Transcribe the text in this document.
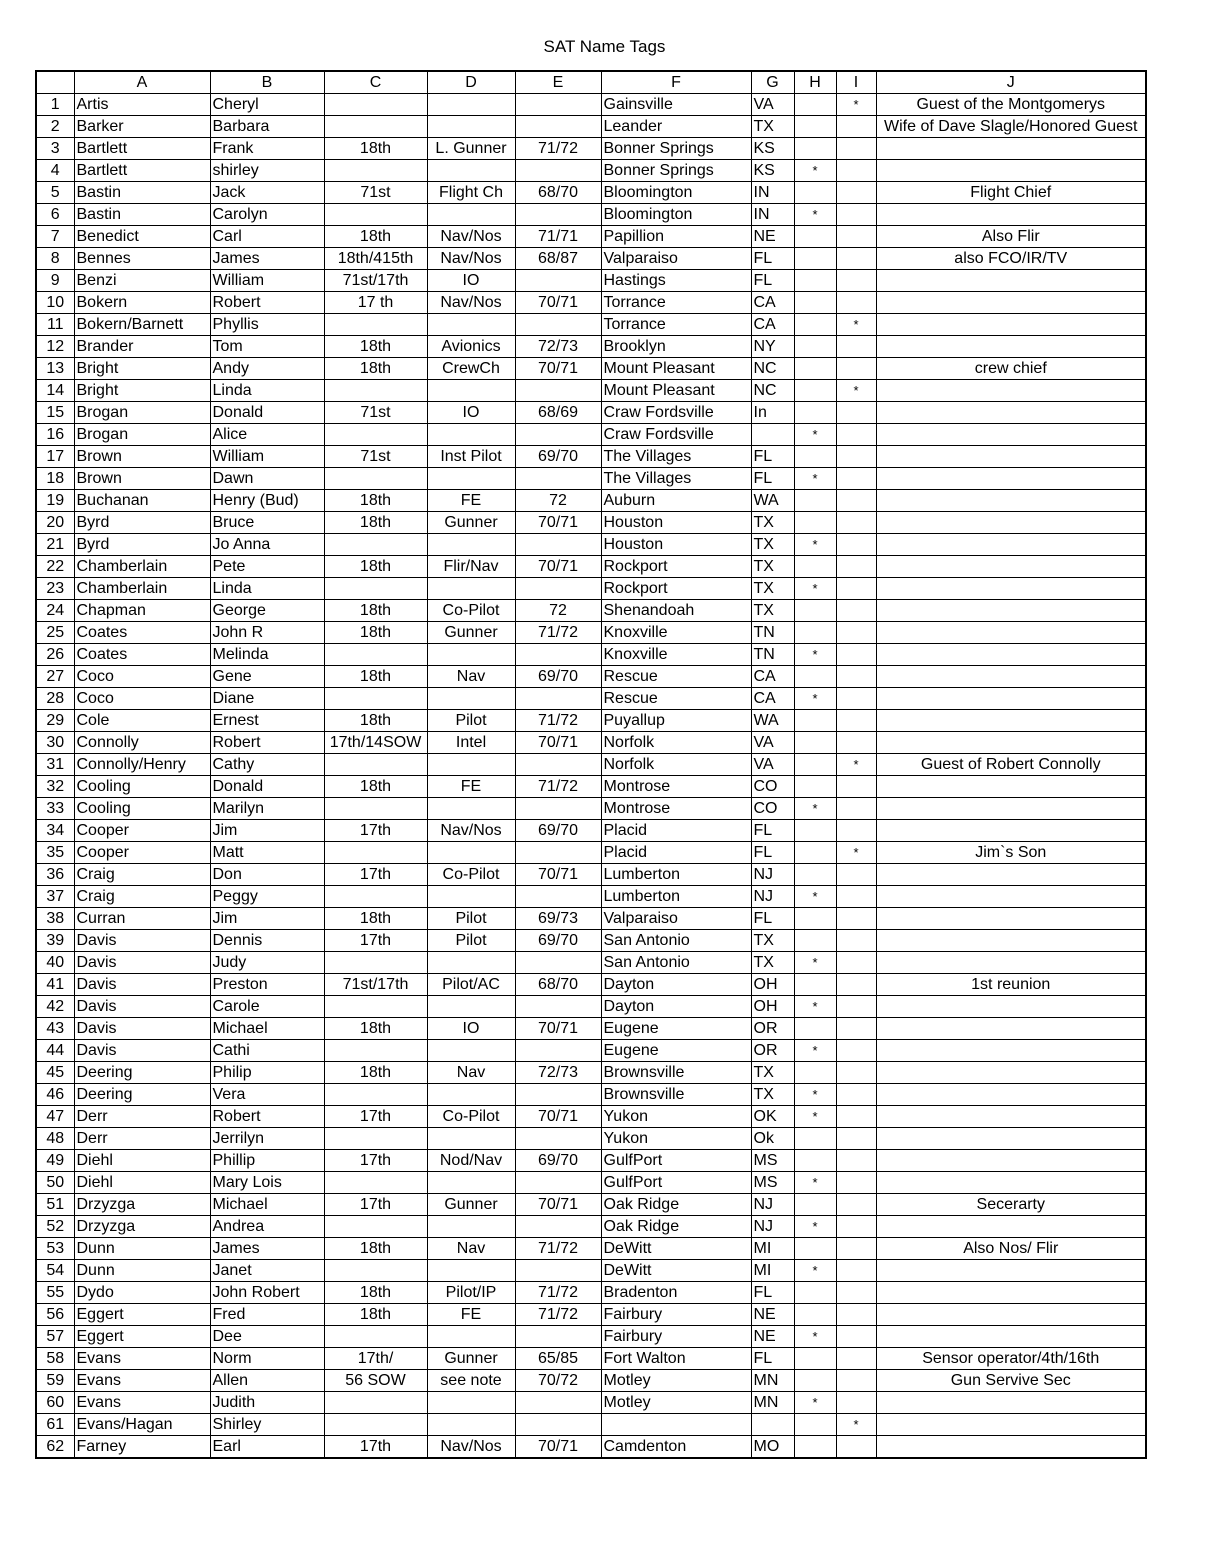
SAT Name Tags
	A	B	C	D	E	F	G	H	I	J
1	Artis	Cheryl				Gainsville	VA		*	Guest of the Montgomerys
2	Barker	Barbara				Leander	TX			Wife of Dave Slagle/Honored Guest
3	Bartlett	Frank	18th	L. Gunner	71/72	Bonner Springs	KS			
4	Bartlett	shirley				Bonner Springs	KS	*		
5	Bastin	Jack	71st	Flight Ch	68/70	Bloomington	IN			Flight Chief
6	Bastin	Carolyn				Bloomington	IN	*		
7	Benedict	Carl	18th	Nav/Nos	71/71	Papillion	NE			Also Flir
8	Bennes	James	18th/415th	Nav/Nos	68/87	Valparaiso	FL			also FCO/IR/TV
9	Benzi	William	71st/17th	IO		Hastings	FL			
10	Bokern	Robert	17 th	Nav/Nos	70/71	Torrance	CA			
11	Bokern/Barnett	Phyllis				Torrance	CA		*	
12	Brander	Tom	18th	Avionics	72/73	Brooklyn	NY			
13	Bright	Andy	18th	CrewCh	70/71	Mount Pleasant	NC			crew chief
14	Bright	Linda				Mount Pleasant	NC		*	
15	Brogan	Donald	71st	IO	68/69	Craw Fordsville	In			
16	Brogan	Alice				Craw Fordsville		*		
17	Brown	William	71st	Inst Pilot	69/70	The Villages	FL			
18	Brown	Dawn				The Villages	FL	*		
19	Buchanan	Henry (Bud)	18th	FE	72	Auburn	WA			
20	Byrd	Bruce	18th	Gunner	70/71	Houston	TX			
21	Byrd	Jo Anna				Houston	TX	*		
22	Chamberlain	Pete	18th	Flir/Nav	70/71	Rockport	TX			
23	Chamberlain	Linda				Rockport	TX	*		
24	Chapman	George	18th	Co-Pilot	72	Shenandoah	TX			
25	Coates	John R	18th	Gunner	71/72	Knoxville	TN			
26	Coates	Melinda				Knoxville	TN	*		
27	Coco	Gene	18th	Nav	69/70	Rescue	CA			
28	Coco	Diane				Rescue	CA	*		
29	Cole	Ernest	18th	Pilot	71/72	Puyallup	WA			
30	Connolly	Robert	17th/14SOW	Intel	70/71	Norfolk	VA			
31	Connolly/Henry	Cathy				Norfolk	VA		*	Guest of Robert Connolly
32	Cooling	Donald	18th	FE	71/72	Montrose	CO			
33	Cooling	Marilyn				Montrose	CO	*		
34	Cooper	Jim	17th	Nav/Nos	69/70	Placid	FL			
35	Cooper	Matt				Placid	FL		*	Jim`s Son
36	Craig	Don	17th	Co-Pilot	70/71	Lumberton	NJ			
37	Craig	Peggy				Lumberton	NJ	*		
38	Curran	Jim	18th	Pilot	69/73	Valparaiso	FL			
39	Davis	Dennis	17th	Pilot	69/70	San Antonio	TX			
40	Davis	Judy				San Antonio	TX	*		
41	Davis	Preston	71st/17th	Pilot/AC	68/70	Dayton	OH			1st reunion
42	Davis	Carole				Dayton	OH	*		
43	Davis	Michael	18th	IO	70/71	Eugene	OR			
44	Davis	Cathi				Eugene	OR	*		
45	Deering	Philip	18th	Nav	72/73	Brownsville	TX			
46	Deering	Vera				Brownsville	TX	*		
47	Derr	Robert	17th	Co-Pilot	70/71	Yukon	OK	*		
48	Derr	Jerrilyn				Yukon	Ok			
49	Diehl	Phillip	17th	Nod/Nav	69/70	GulfPort	MS			
50	Diehl	Mary Lois				GulfPort	MS	*		
51	Drzyzga	Michael	17th	Gunner	70/71	Oak Ridge	NJ			Secerarty
52	Drzyzga	Andrea				Oak Ridge	NJ	*		
53	Dunn	James	18th	Nav	71/72	DeWitt	MI			Also Nos/ Flir
54	Dunn	Janet				DeWitt	MI	*		
55	Dydo	John Robert	18th	Pilot/IP	71/72	Bradenton	FL			
56	Eggert	Fred	18th	FE	71/72	Fairbury	NE			
57	Eggert	Dee				Fairbury	NE	*		
58	Evans	Norm	17th/	Gunner	65/85	Fort Walton	FL			Sensor operator/4th/16th
59	Evans	Allen	56 SOW	see note	70/72	Motley	MN			Gun Servive Sec
60	Evans	Judith				Motley	MN	*		
61	Evans/Hagan	Shirley							*	
62	Farney	Earl	17th	Nav/Nos	70/71	Camdenton	MO			
